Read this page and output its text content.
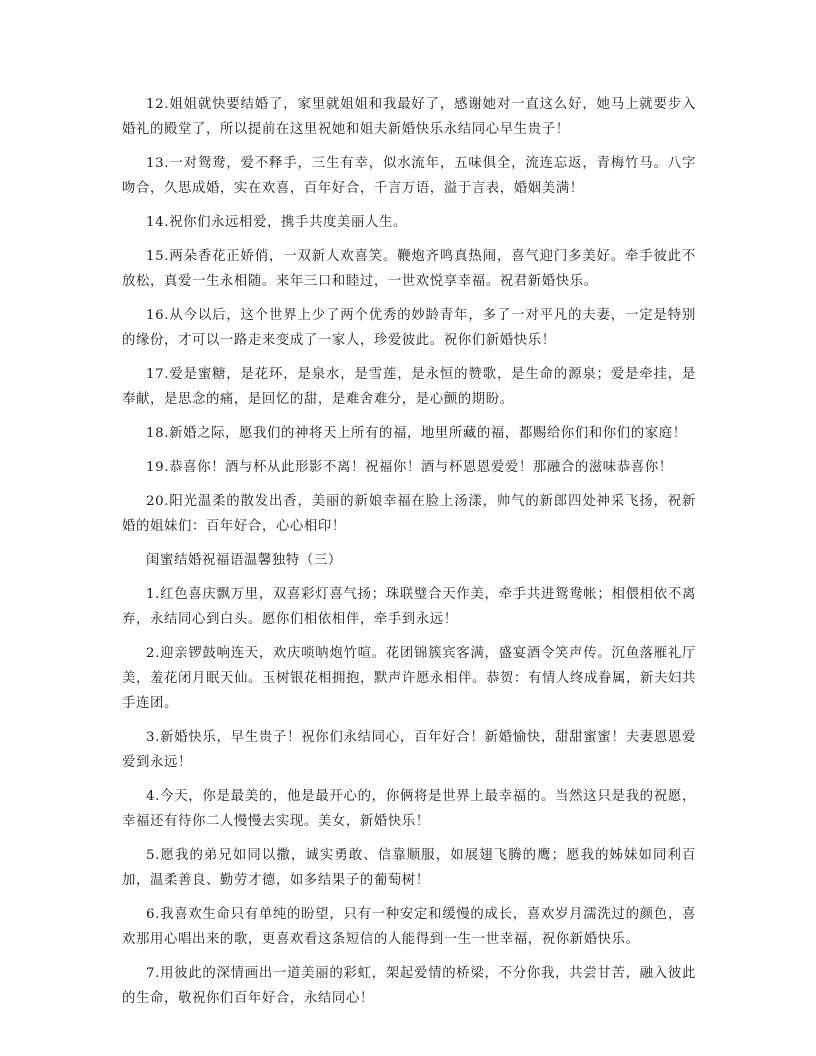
12.姐姐就快要结婚了，家里就姐姐和我最好了，感谢她对一直这么好，她马上就要步入婚礼的殿堂了，所以提前在这里祝她和姐夫新婚快乐永结同心早生贵子！

13.一对鸳鸯，爱不释手，三生有幸，似水流年，五味俱全，流连忘返，青梅竹马。八字吻合，久思成婚，实在欢喜，百年好合，千言万语，溢于言表，婚姻美满！

14.祝你们永远相爱，携手共度美丽人生。

15.两朵香花正娇俏，一双新人欢喜笑。鞭炮齐鸣真热闹，喜气迎门多美好。牵手彼此不放松，真爱一生永相随。来年三口和睦过，一世欢悦享幸福。祝君新婚快乐。

16.从今以后，这个世界上少了两个优秀的妙龄青年，多了一对平凡的夫妻，一定是特别的缘份，才可以一路走来变成了一家人，珍爱彼此。祝你们新婚快乐！

17.爱是蜜糖，是花环，是泉水，是雪莲，是永恒的赞歌，是生命的源泉；爱是牵挂，是奉献，是思念的痛，是回忆的甜，是难舍难分，是心颤的期盼。

18.新婚之际，愿我们的神将天上所有的福，地里所藏的福，都赐给你们和你们的家庭！

19.恭喜你！酒与杯从此形影不离！祝福你！酒与杯恩恩爱爱！那融合的滋味恭喜你！

20.阳光温柔的散发出香，美丽的新娘幸福在脸上汤漾，帅气的新郎四处神采飞扬，祝新婚的姐妹们：百年好合，心心相印！

闺蜜结婚祝福语温馨独特（三）

1.红色喜庆飘万里，双喜彩灯喜气扬；珠联璧合天作美，牵手共进鸳鸯帐；相偎相依不离弃，永结同心到白头。愿你们相依相伴，牵手到永远！

2.迎亲锣鼓响连天，欢庆唢呐炮竹喧。花团锦簇宾客满，盛宴酒令笑声传。沉鱼落雁礼厅美，羞花闭月眠天仙。玉树银花相拥抱，默声许愿永相伴。恭贺：有情人终成眷属，新夫妇共手连团。

3.新婚快乐，早生贵子！祝你们永结同心，百年好合！新婚愉快，甜甜蜜蜜！夫妻恩恩爱爱到永远！

4.今天，你是最美的，他是最开心的，你俩将是世界上最幸福的。当然这只是我的祝愿，幸福还有待你二人慢慢去实现。美女，新婚快乐！

5.愿我的弟兄如同以撒，诚实勇敢、信靠顺服，如展翅飞腾的鹰；愿我的姊妹如同利百加，温柔善良、勤劳才德，如多结果子的葡萄树！

6.我喜欢生命只有单纯的盼望，只有一种安定和缓慢的成长，喜欢岁月濡洗过的颜色，喜欢那用心唱出来的歌，更喜欢看这条短信的人能得到一生一世幸福，祝你新婚快乐。

7.用彼此的深情画出一道美丽的彩虹，架起爱情的桥梁，不分你我，共尝甘苦，融入彼此的生命，敬祝你们百年好合，永结同心！
